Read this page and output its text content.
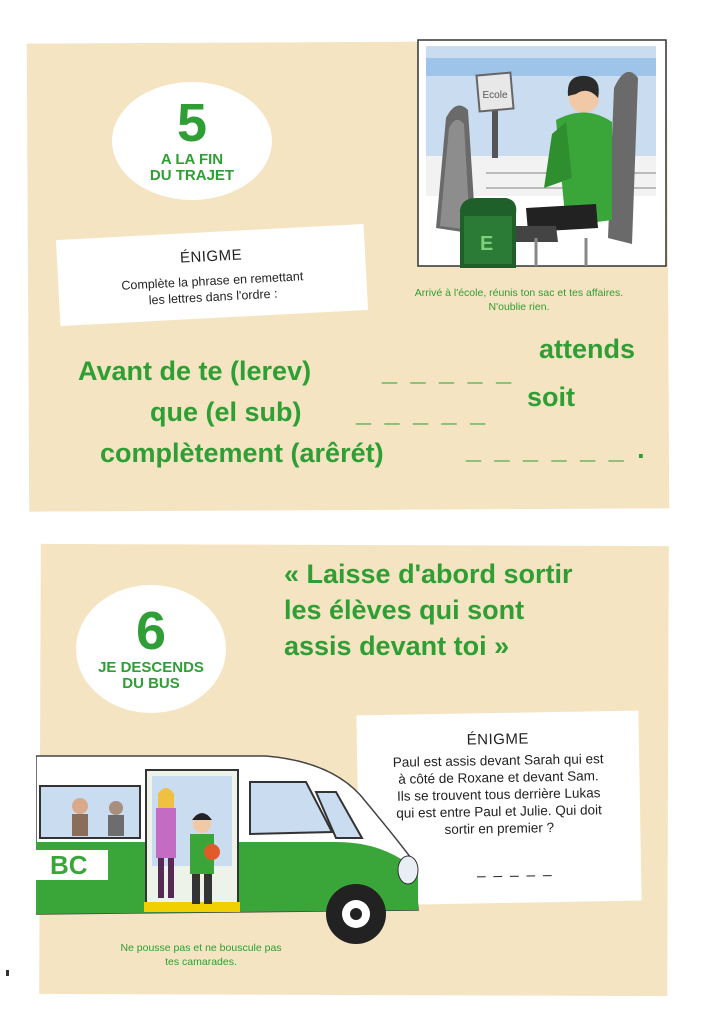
5
A LA FIN
DU TRAJET
Ecole
E
ÉNIGME
Complète la phrase en remettant
les lettres dans l'ordre :	Arrivé à l'école, réunis ton sac et tes affaires.
N'oublie rien.
Avant de te (lerev)	_ _ _ _ _
attends
que (el sub) _ _ _ _ _ soit
complètement (arêrét)	_ _ _ _ _ _ .
6
JE DESCENDS
DU BUS
« Laisse d'abord sortir
les élèves qui sont
assis devant toi »
ÉNIGME
Paul est assis devant Sarah qui est
à côté de Roxane et devant Sam.
Ils se trouvent tous derrière Lukas
qui est entre Paul et Julie. Qui doit
sortir en premier ?
_ _ _ _ _
BC
Ne pousse pas et ne bouscule pas
tes camarades.
